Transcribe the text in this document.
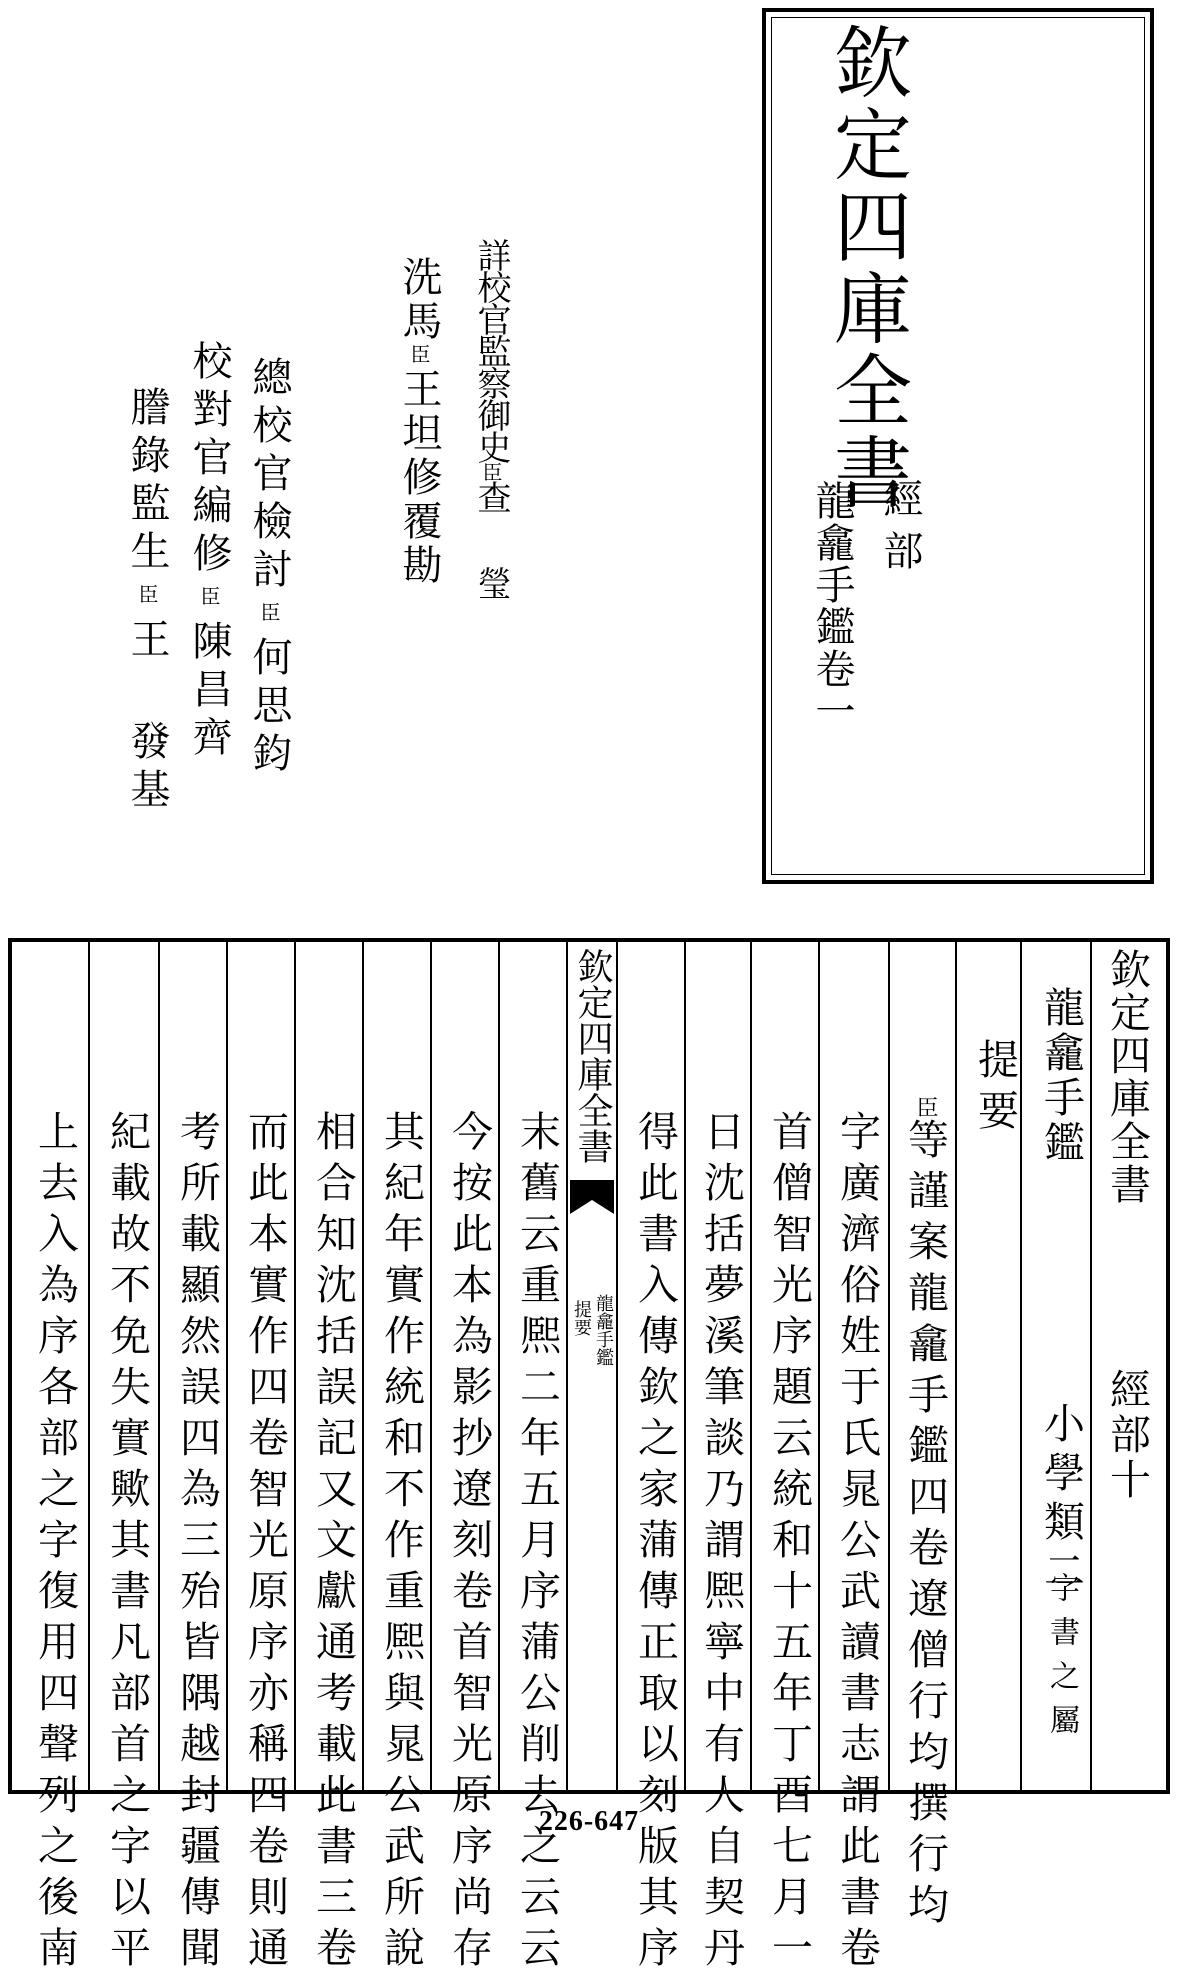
欽定四庫全書
經部
龍龕手鑑卷一
詳校官監察御史臣查 瑩
洗馬臣王坦修覆勘
總校官檢討臣何思鈞
校對官編修臣陳昌齊
謄錄監生臣王 發基
欽定四庫全書
經部十
龍龕手鑑
小學類二
字書之屬
提要
臣等謹案龍龕手鑑四卷遼僧行均撰行均
字廣濟俗姓于氏晁公武讀書志謂此書卷
首僧智光序題云統和十五年丁酉七月一
日沈括夢溪筆談乃謂熈寧中有人自契丹
得此書入傳欽之家蒲傳正取以刻版其序
欽定四庫全書
龍龕手鑑
提要
末舊云重熈二年五月序蒲公削去之云云
今按此本為影抄遼刻卷首智光原序尚存
其紀年實作統和不作重熈與晁公武所說
相合知沈括誤記又文獻通考載此書三卷
而此本實作四卷智光原序亦稱四卷則通
考所載顯然誤四為三殆皆隅越封疆傳聞
紀載故不免失實歟其書凡部首之字以平
上去入為序各部之字復用四聲列之後南	226-647
